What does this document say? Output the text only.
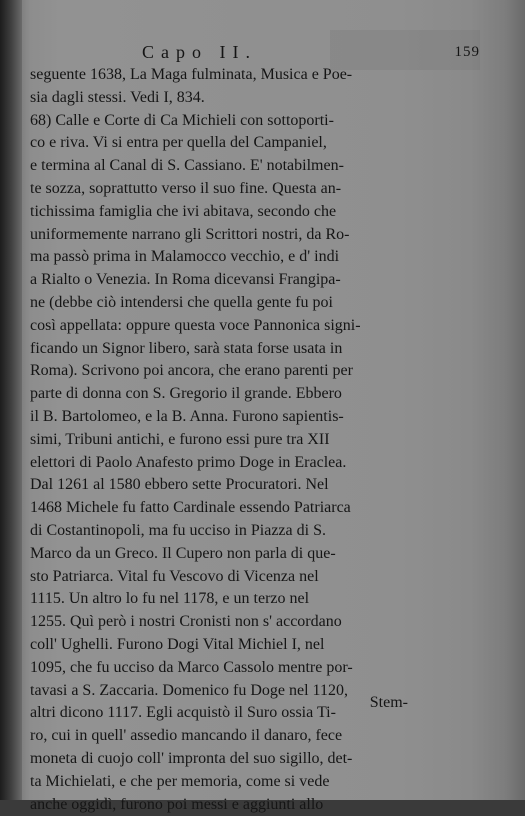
Capo II.	159
seguente 1638, La Maga fulminata, Musica e Poe-
sia dagli stessi. Vedi I, 834.
68) Calle e Corte di Ca Michieli con sottoporti-
co e riva. Vi si entra per quella del Campaniel,
e termina al Canal di S. Cassiano. E' notabilmen-
te sozza, soprattutto verso il suo fine. Questa an-
tichissima famiglia che ivi abitava, secondo che
uniformemente narrano gli Scrittori nostri, da Ro-
ma passò prima in Malamocco vecchio, e d' indi
a Rialto o Venezia. In Roma dicevansi Frangipa-
ne (debbe ciò intendersi che quella gente fu poi
così appellata: oppure questa voce Pannonica signi-
ficando un Signor libero, sarà stata forse usata in
Roma). Scrivono poi ancora, che erano parenti per
parte di donna con S. Gregorio il grande. Ebbero
il B. Bartolomeo, e la B. Anna. Furono sapientis-
simi, Tribuni antichi, e furono essi pure tra XII
elettori di Paolo Anafesto primo Doge in Eraclea.
Dal 1261 al 1580 ebbero sette Procuratori. Nel
1468 Michele fu fatto Cardinale essendo Patriarca
di Costantinopoli, ma fu ucciso in Piazza di S.
Marco da un Greco. Il Cupero non parla di que-
sto Patriarca. Vital fu Vescovo di Vicenza nel
1115. Un altro lo fu nel 1178, e un terzo nel
1255. Quì però i nostri Cronisti non s' accordano
coll' Ughelli. Furono Dogi Vital Michiel I, nel
1095, che fu ucciso da Marco Cassolo mentre por-
tavasi a S. Zaccaria. Domenico fu Doge nel 1120,
altri dicono 1117. Egli acquistò il Suro ossia Ti-
ro, cui in quell' assedio mancando il danaro, fece
moneta di cuojo coll' impronta del suo sigillo, det-
ta Michielati, e che per memoria, come si vede
anche oggidì, furono poi messi e aggiunti allo
Stem-
